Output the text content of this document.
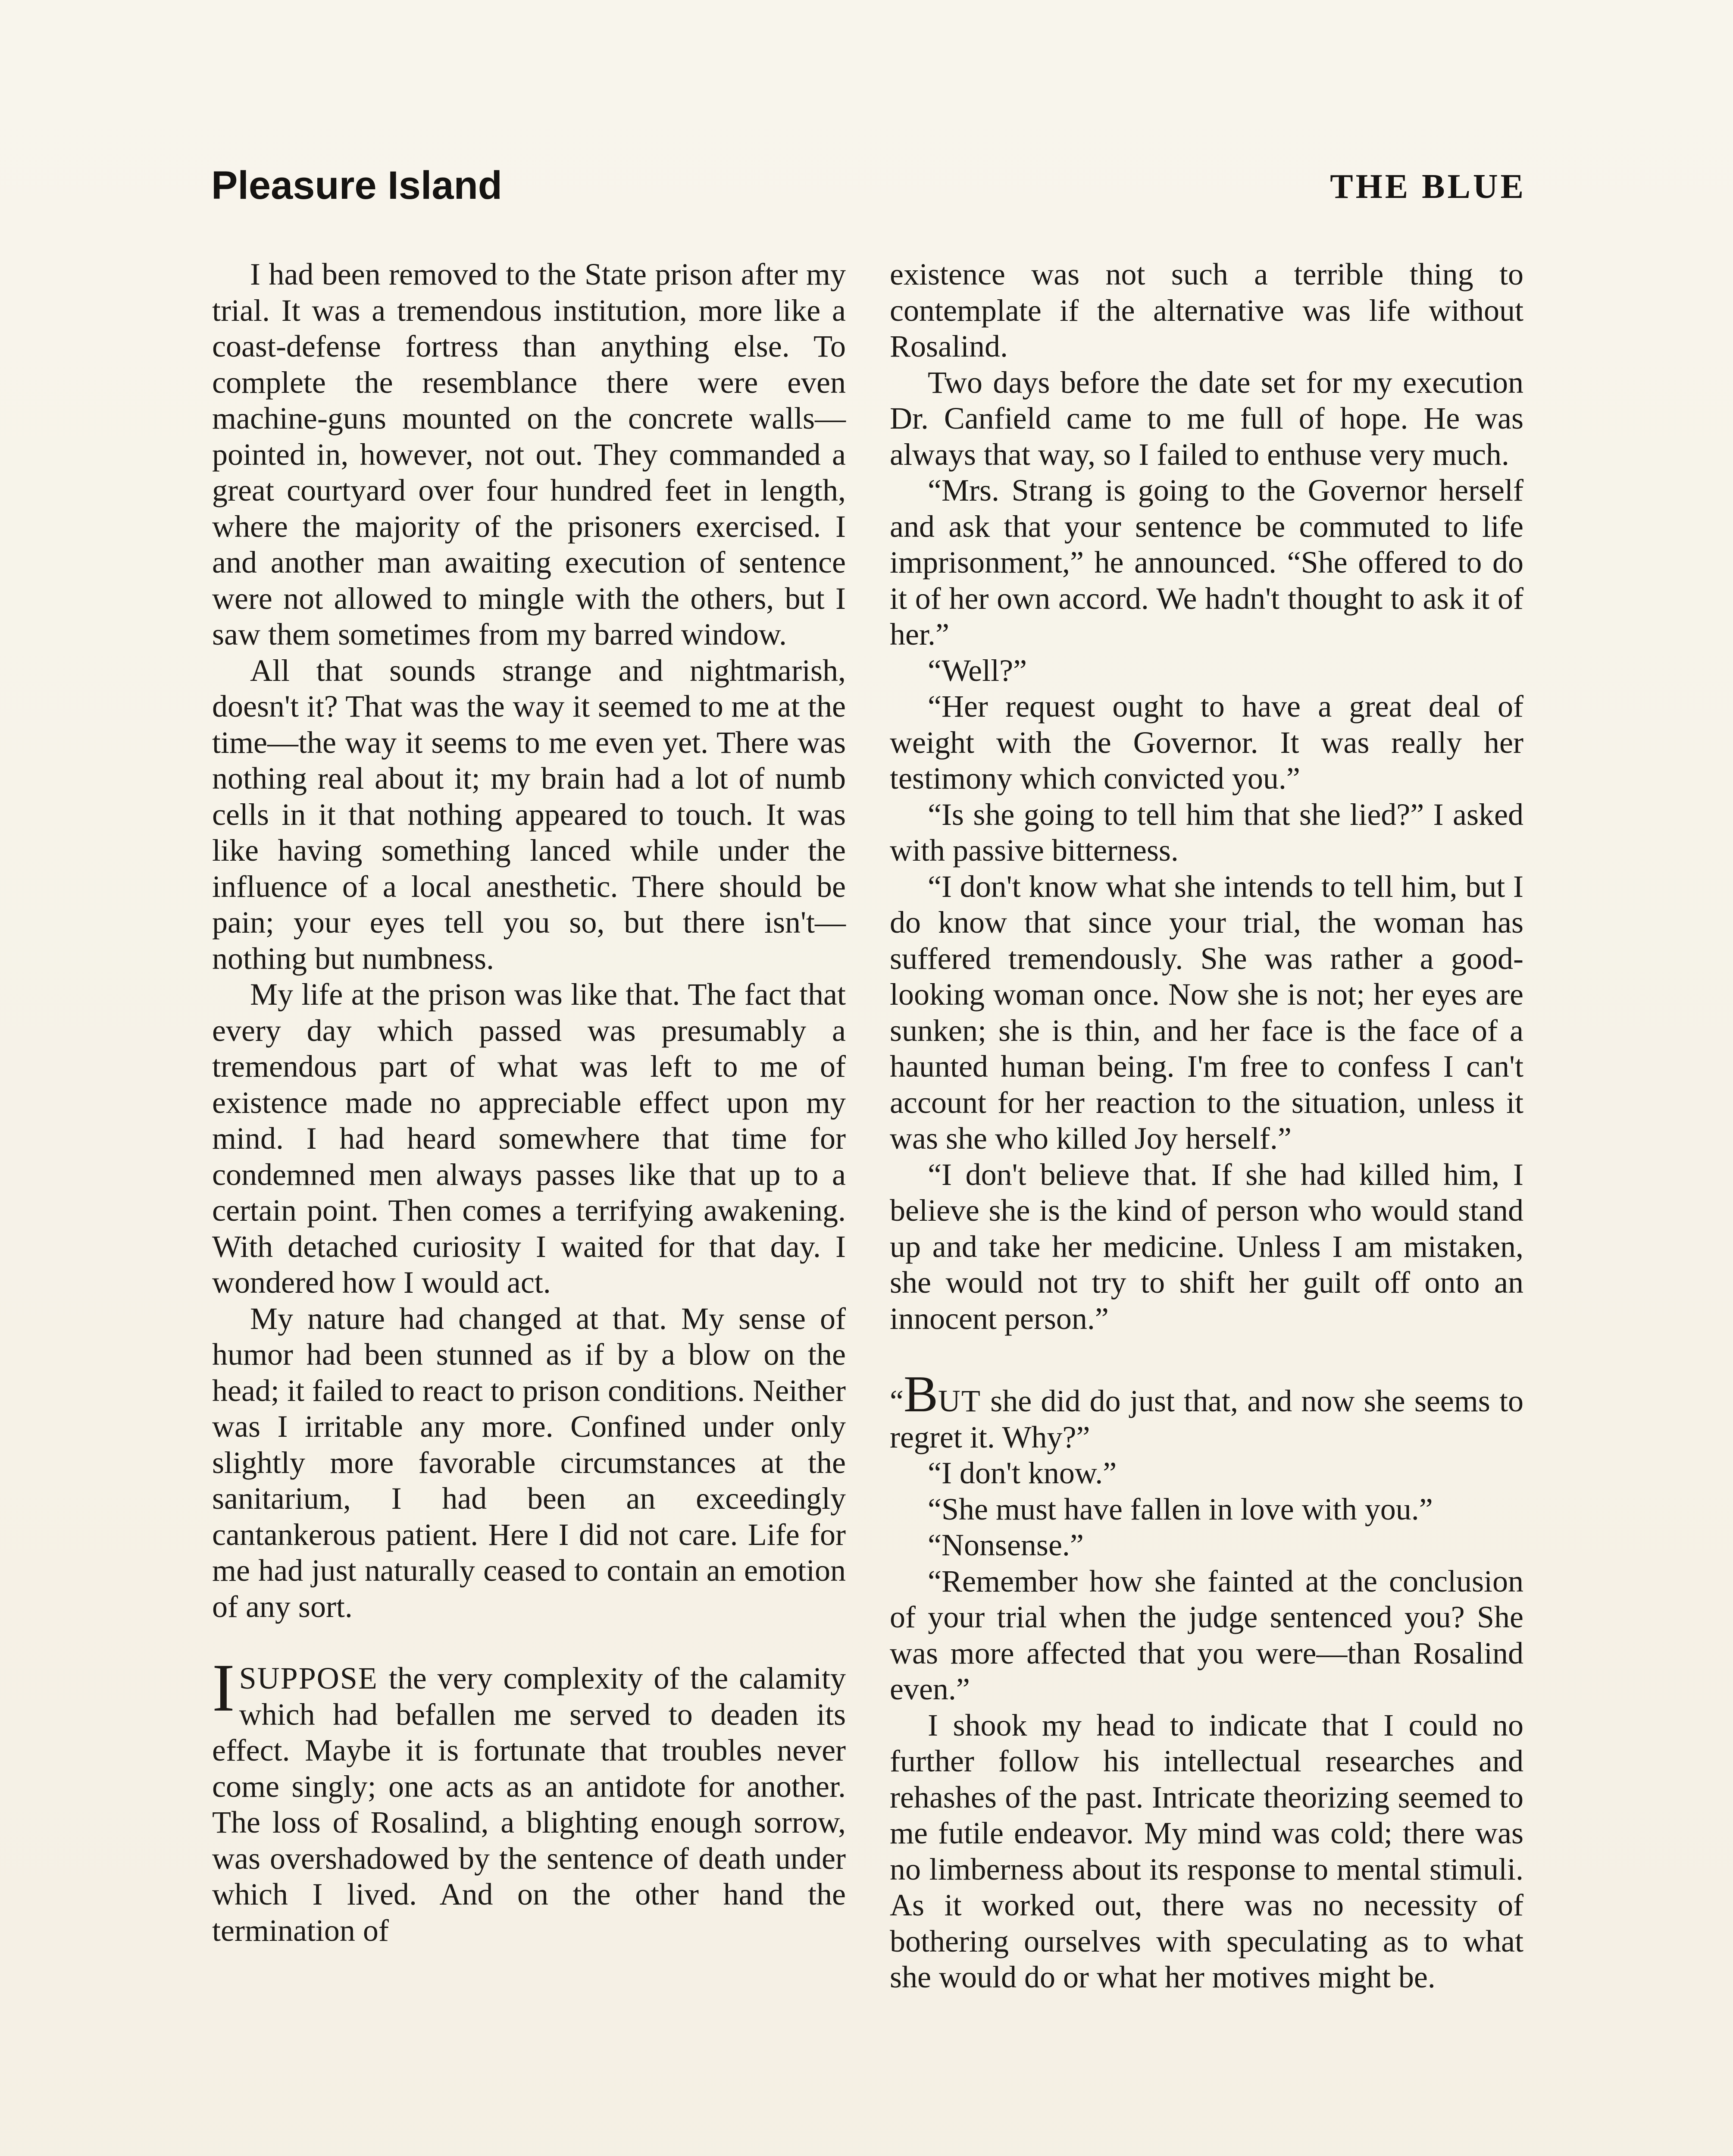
Pleasure Island	THE BLUE

I had been removed to the State prison after my trial. It was a tremendous institution, more like a coast-defense fortress than anything else. To complete the resemblance there were even machine-guns mounted on the concrete walls—pointed in, however, not out. They commanded a great courtyard over four hundred feet in length, where the majority of the prisoners exercised. I and another man awaiting execution of sentence were not allowed to mingle with the others, but I saw them sometimes from my barred window.

All that sounds strange and nightmarish, doesn't it? That was the way it seemed to me at the time—the way it seems to me even yet. There was nothing real about it; my brain had a lot of numb cells in it that nothing appeared to touch. It was like having something lanced while under the influence of a local anesthetic. There should be pain; your eyes tell you so, but there isn't—nothing but numbness.

My life at the prison was like that. The fact that every day which passed was presumably a tremendous part of what was left to me of existence made no appreciable effect upon my mind. I had heard somewhere that time for condemned men always passes like that up to a certain point. Then comes a terrifying awakening. With detached curiosity I waited for that day. I wondered how I would act.

My nature had changed at that. My sense of humor had been stunned as if by a blow on the head; it failed to react to prison conditions. Neither was I irritable any more. Confined under only slightly more favorable circumstances at the sanitarium, I had been an exceedingly cantankerous patient. Here I did not care. Life for me had just naturally ceased to contain an emotion of any sort.

ISUPPOSE the very complexity of the calamity which had befallen me served to deaden its effect. Maybe it is fortunate that troubles never come singly; one acts as an antidote for another. The loss of Rosalind, a blighting enough sorrow, was overshadowed by the sentence of death under which I lived. And on the other hand the termination of

existence was not such a terrible thing to contemplate if the alternative was life without Rosalind.

Two days before the date set for my execution Dr. Canfield came to me full of hope. He was always that way, so I failed to enthuse very much.

“Mrs. Strang is going to the Governor herself and ask that your sentence be commuted to life imprisonment,” he announced. “She offered to do it of her own accord. We hadn't thought to ask it of her.”

“Well?”

“Her request ought to have a great deal of weight with the Governor. It was really her testimony which convicted you.”

“Is she going to tell him that she lied?” I asked with passive bitterness.

“I don't know what she intends to tell him, but I do know that since your trial, the woman has suffered tremendously. She was rather a good-looking woman once. Now she is not; her eyes are sunken; she is thin, and her face is the face of a haunted human being. I'm free to confess I can't account for her reaction to the situation, unless it was she who killed Joy herself.”

“I don't believe that. If she had killed him, I believe she is the kind of person who would stand up and take her medicine. Unless I am mistaken, she would not try to shift her guilt off onto an innocent person.”

“BUT she did do just that, and now she seems to regret it. Why?”

“I don't know.”

“She must have fallen in love with you.”

“Nonsense.”

“Remember how she fainted at the conclusion of your trial when the judge sentenced you? She was more affected that you were—than Rosalind even.”

I shook my head to indicate that I could no further follow his intellectual researches and rehashes of the past. Intricate theorizing seemed to me futile endeavor. My mind was cold; there was no limberness about its response to mental stimuli. As it worked out, there was no necessity of bothering ourselves with speculating as to what she would do or what her motives might be.
